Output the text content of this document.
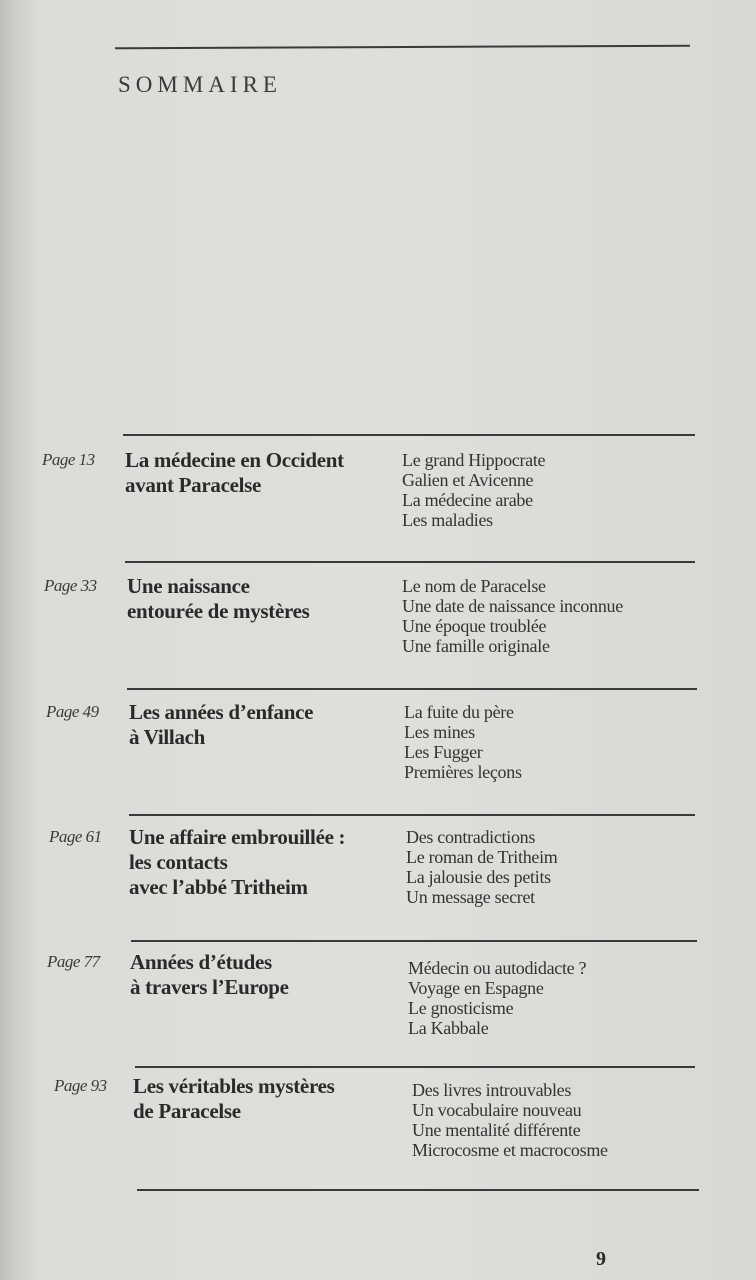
SOMMAIRE
Page 13 La médecine en Occident
avant Paracelse
Le grand Hippocrate
Galien et Avicenne
La médecine arabe
Les maladies
Page 33 Une naissance
entourée de mystères
Le nom de Paracelse
Une date de naissance inconnue
Une époque troublée
Une famille originale
Page 49 Les années d’enfance
à Villach
La fuite du père
Les mines
Les Fugger
Premières leçons
Page 61 Une affaire embrouillée :
les contacts
avec l’abbé Tritheim
Des contradictions
Le roman de Tritheim
La jalousie des petits
Un message secret
Page 77 Années d’études
à travers l’Europe
Médecin ou autodidacte ?
Voyage en Espagne
Le gnosticisme
La Kabbale
Page 93 Les véritables mystères
de Paracelse
Des livres introuvables
Un vocabulaire nouveau
Une mentalité différente
Microcosme et macrocosme
9
